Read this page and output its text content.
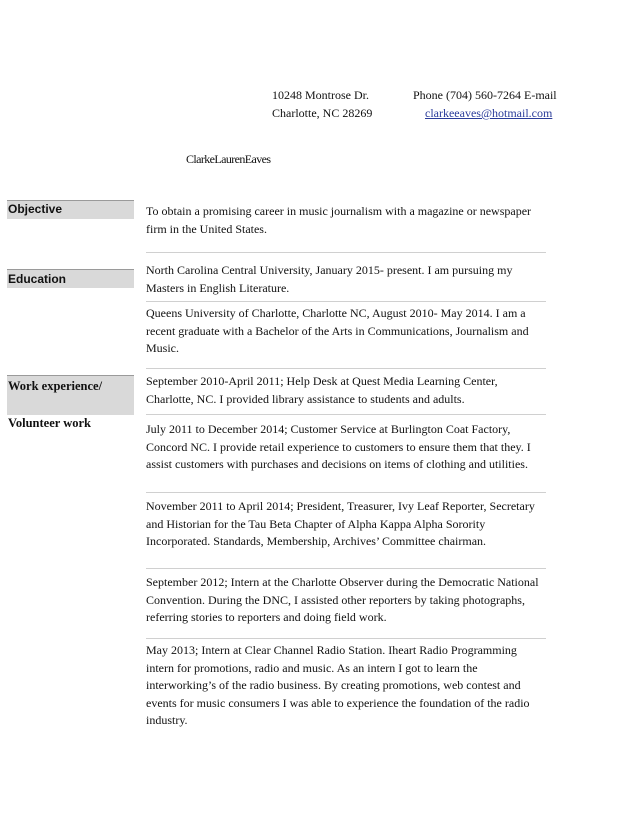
10248 Montrose Dr.
Charlotte, NC 28269
Phone (704) 560-7264 E-mail
clarkeeaves@hotmail.com
ClarkeLaurenEaves
Objective
Education
Work experience/
Volunteer work
To obtain a promising career in music journalism with a magazine or newspaper firm in the United States.
North Carolina Central University, January 2015- present. I am pursuing my Masters in English Literature.
Queens University of Charlotte, Charlotte NC, August 2010- May 2014. I am a recent graduate with a Bachelor of the Arts in Communications, Journalism and Music.
September 2010-April 2011; Help Desk at Quest Media Learning Center, Charlotte, NC. I provided library assistance to students and adults.
July 2011 to December 2014; Customer Service at Burlington Coat Factory, Concord NC. I provide retail experience to customers to ensure them that they. I assist customers with purchases and decisions on items of clothing and utilities.
November 2011 to April 2014; President, Treasurer, Ivy Leaf Reporter, Secretary and Historian for the Tau Beta Chapter of Alpha Kappa Alpha Sorority Incorporated. Standards, Membership, Archives’ Committee chairman.
September 2012; Intern at the Charlotte Observer during the Democratic National Convention. During the DNC, I assisted other reporters by taking photographs, referring stories to reporters and doing field work.
May 2013; Intern at Clear Channel Radio Station. Iheart Radio Programming intern for promotions, radio and music. As an intern I got to learn the interworking’s of the radio business. By creating promotions, web contest and events for music consumers I was able to experience the foundation of the radio industry.
